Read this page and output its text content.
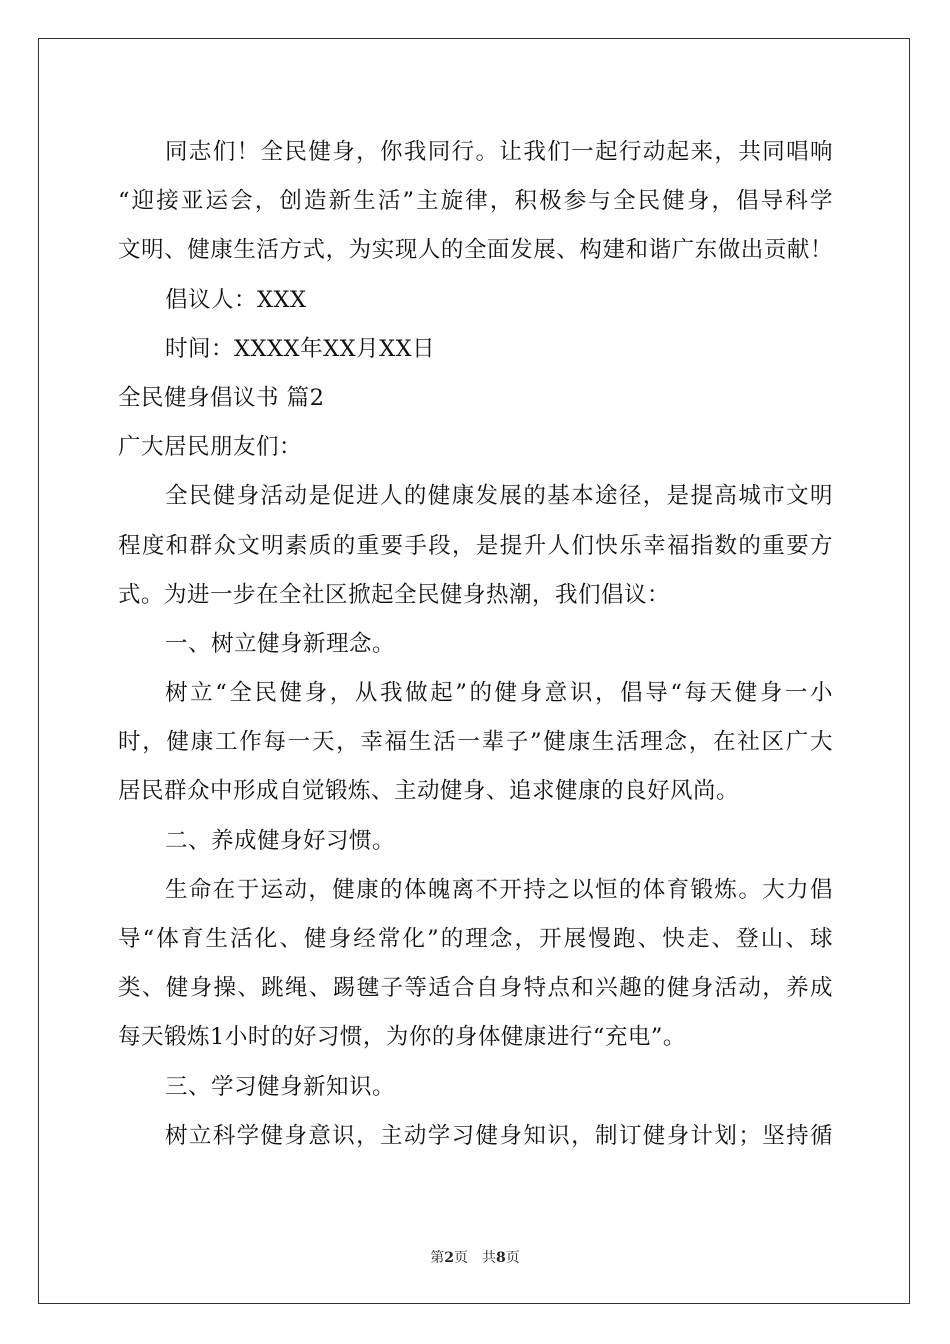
同志们！全民健身，你我同行。让我们一起行动起来，共同唱响
“迎接亚运会，创造新生活”主旋律，积极参与全民健身，倡导科学
文明、健康生活方式，为实现人的全面发展、构建和谐广东做出贡献！
倡议人：XXX
时间：XXXX年XX月XX日
全民健身倡议书 篇2
广大居民朋友们：
全民健身活动是促进人的健康发展的基本途径，是提高城市文明
程度和群众文明素质的重要手段，是提升人们快乐幸福指数的重要方
式。为进一步在全社区掀起全民健身热潮，我们倡议：
一、树立健身新理念。
树立“全民健身，从我做起”的健身意识，倡导“每天健身一小
时，健康工作每一天，幸福生活一辈子”健康生活理念，在社区广大
居民群众中形成自觉锻炼、主动健身、追求健康的良好风尚。
二、养成健身好习惯。
生命在于运动，健康的体魄离不开持之以恒的体育锻炼。大力倡
导“体育生活化、健身经常化”的理念，开展慢跑、快走、登山、球
类、健身操、跳绳、踢毽子等适合自身特点和兴趣的健身活动，养成
每天锻炼1小时的好习惯，为你的身体健康进行“充电”。
三、学习健身新知识。
树立科学健身意识，主动学习健身知识，制订健身计划；坚持循
第2页 共8页
